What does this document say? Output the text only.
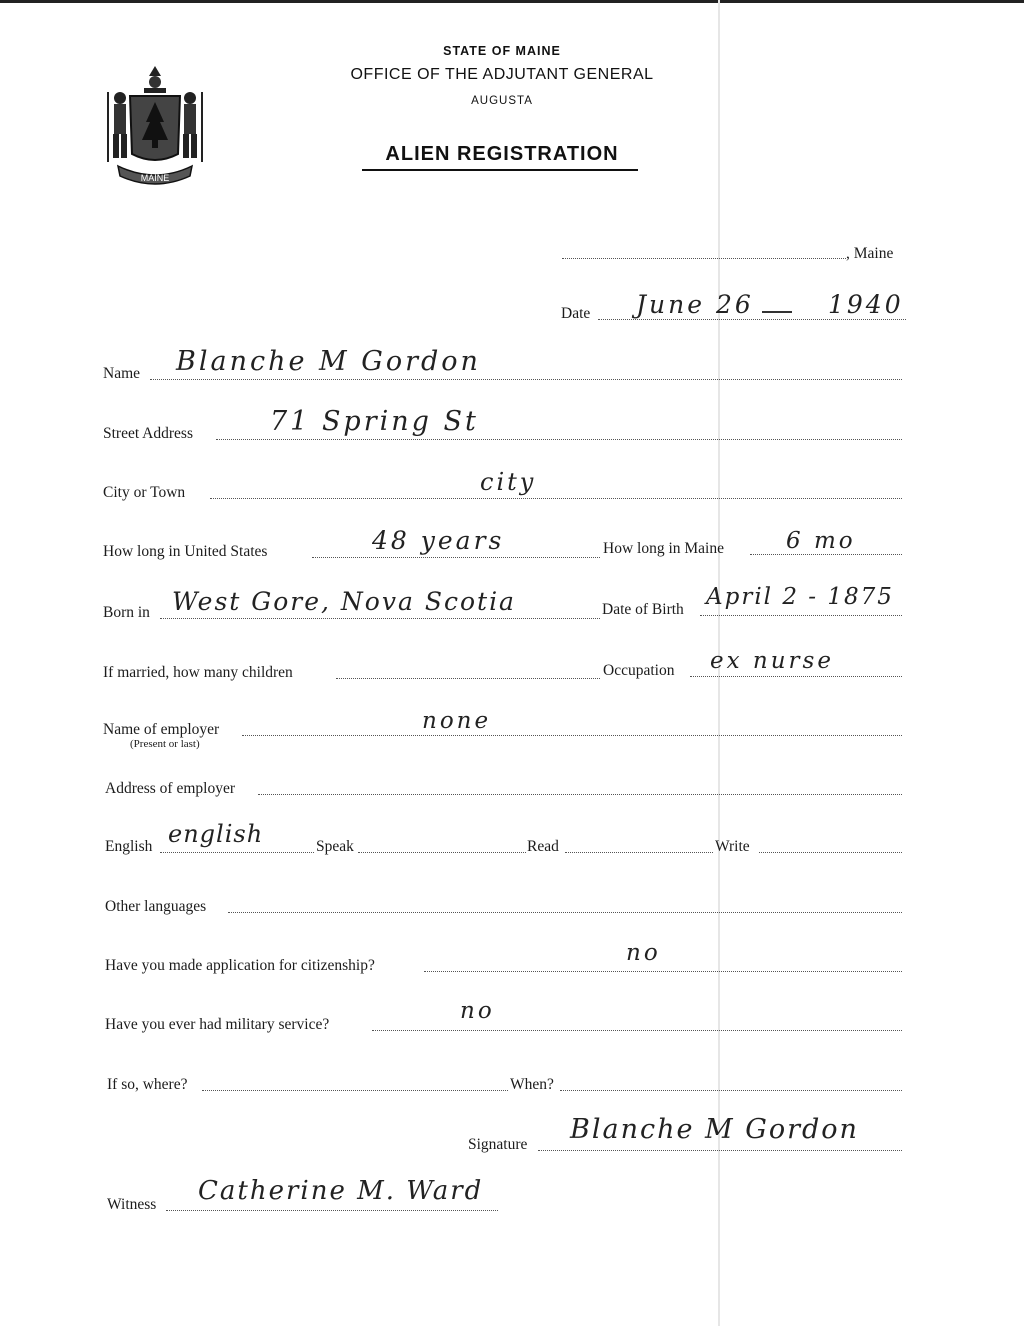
MAINE
STATE OF MAINE
OFFICE OF THE ADJUTANT GENERAL
AUGUSTA
ALIEN REGISTRATION
, Maine
Date June 26	1940
Name Blanche M Gordon
Street Address	71 Spring St
City or Town	city
How long in United States	48 years	How long in Maine	6 mo
Born in West Gore, Nova Scotia	Date of Birth April 2 - 1875
If married, how many children	Occupation ex nurse
Name of employer
(Present or last)
none
Address of employer
English english	Speak	Read	Write
Other languages
Have you made application for citizenship?	no
Have you ever had military service?
no
If so, where?	When?
Signature Blanche M Gordon
Witness Catherine M. Ward
